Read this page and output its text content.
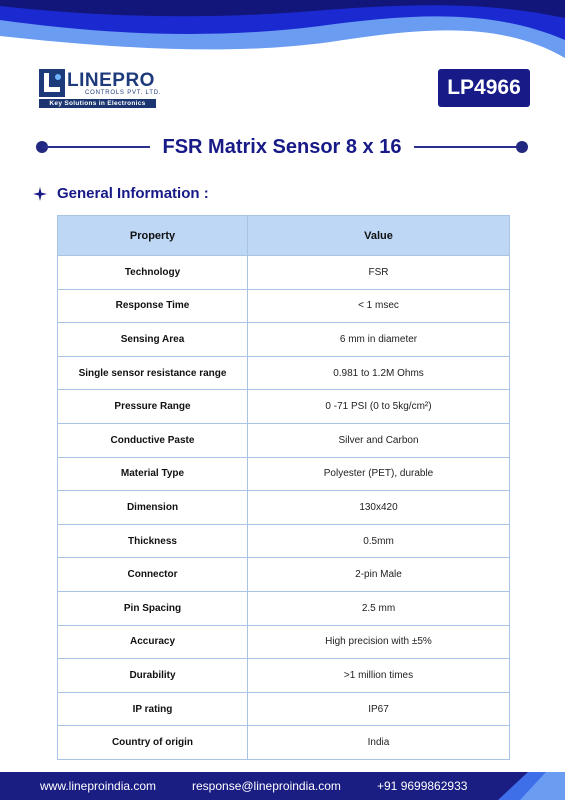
LINEPRO
CONTROLS PVT. LTD.
Key Solutions in Electronics
LP4966
FSR Matrix Sensor 8 x 16
General Information :
Property	Value
Technology	FSR
Response Time	< 1 msec
Sensing Area	6 mm in diameter
Single sensor resistance range	0.981 to 1.2M Ohms
Pressure Range	0 -71 PSI (0 to 5kg/cm²)
Conductive Paste	Silver and Carbon
Material Type	Polyester (PET), durable
Dimension	130x420
Thickness	0.5mm
Connector	2-pin Male
Pin Spacing	2.5 mm
Accuracy	High precision with ±5%
Durability	>1 million times
IP rating	IP67
Country of origin	India
www.lineproindia.com	response@lineproindia.com	+91 9699862933
